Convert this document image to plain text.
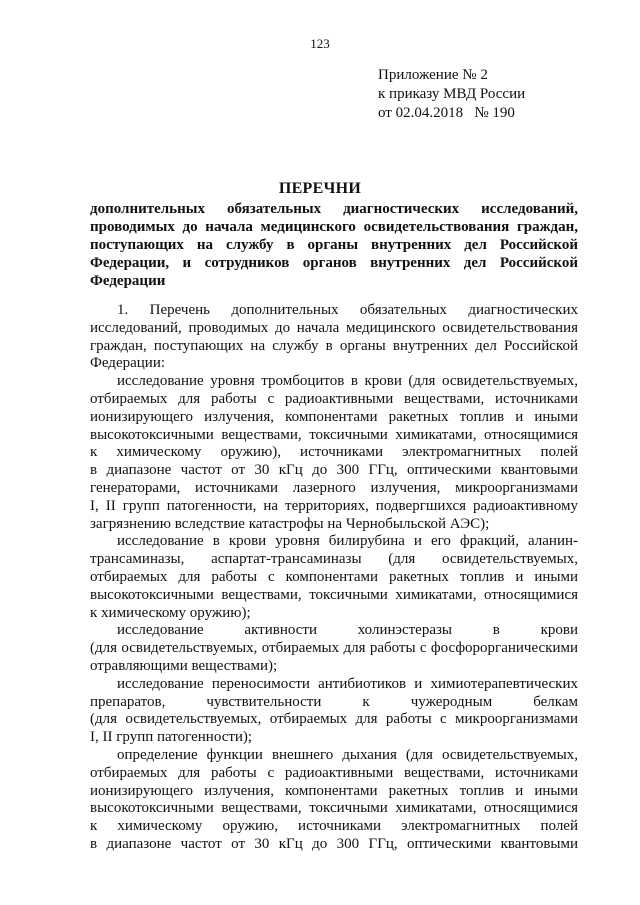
123
Приложение № 2
к приказу МВД России
от 02.04.2018   № 190
ПЕРЕЧНИ
дополнительных обязательных диагностических исследований,
проводимых до начала медицинского освидетельствования граждан,
поступающих на службу в органы внутренних дел Российской
Федерации, и сотрудников органов внутренних дел Российской
Федерации
1. Перечень дополнительных обязательных диагностических
исследований, проводимых до начала медицинского освидетельствования
граждан, поступающих на службу в органы внутренних дел Российской
Федерации:
исследование уровня тромбоцитов в крови (для освидетельствуемых,
отбираемых для работы с радиоактивными веществами, источниками
ионизирующего излучения, компонентами ракетных топлив и иными
высокотоксичными веществами, токсичными химикатами, относящимися
к химическому оружию), источниками электромагнитных полей
в диапазоне частот от 30 кГц до 300 ГГц, оптическими квантовыми
генераторами, источниками лазерного излучения, микроорганизмами
I, II групп патогенности, на территориях, подвергшихся радиоактивному
загрязнению вследствие катастрофы на Чернобыльской АЭС);
исследование в крови уровня билирубина и его фракций, аланин-
трансаминазы, аспартат-трансаминазы (для освидетельствуемых,
отбираемых для работы с компонентами ракетных топлив и иными
высокотоксичными веществами, токсичными химикатами, относящимися
к химическому оружию);
исследование активности холинэстеразы в крови
(для освидетельствуемых, отбираемых для работы с фосфорорганическими
отравляющими веществами);
исследование переносимости антибиотиков и химиотерапевтических
препаратов, чувствительности к чужеродным белкам
(для освидетельствуемых, отбираемых для работы с микроорганизмами
I, II групп патогенности);
определение функции внешнего дыхания (для освидетельствуемых,
отбираемых для работы с радиоактивными веществами, источниками
ионизирующего излучения, компонентами ракетных топлив и иными
высокотоксичными веществами, токсичными химикатами, относящимися
к химическому оружию, источниками электромагнитных полей
в диапазоне частот от 30 кГц до 300 ГГц, оптическими квантовыми
